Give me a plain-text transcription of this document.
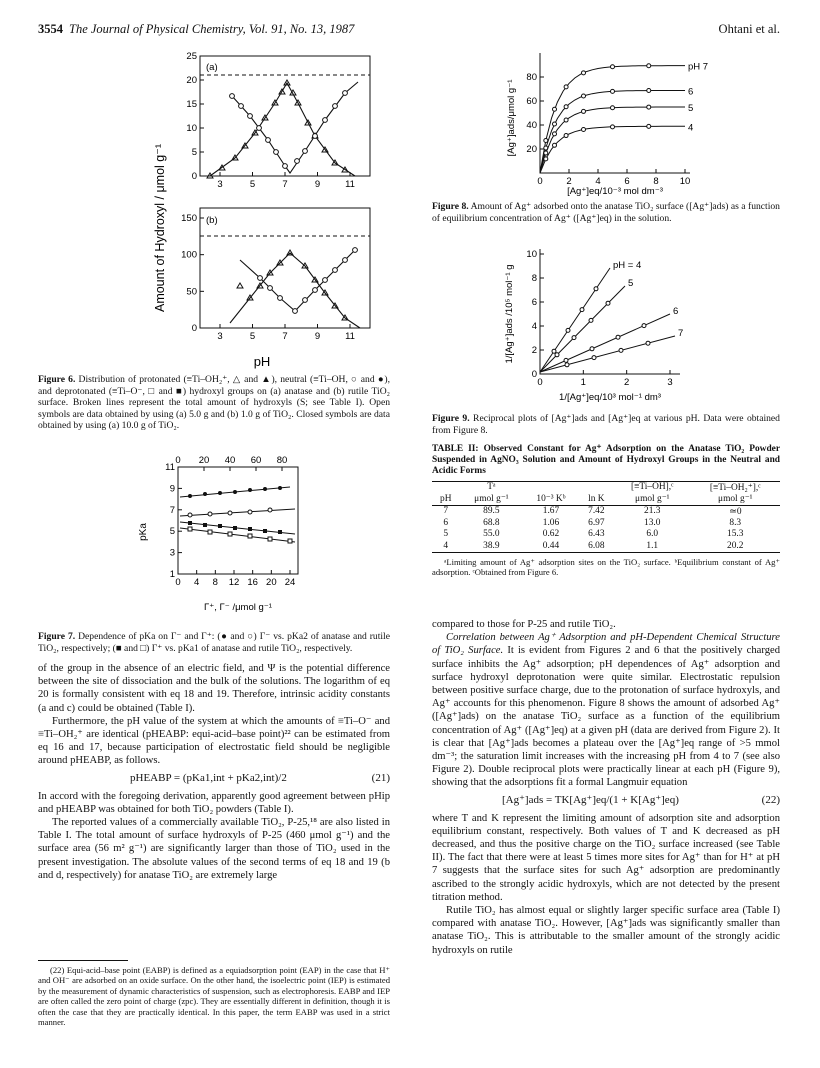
3554 The Journal of Physical Chemistry, Vol. 91, No. 13, 1987	Ohtani et al.
Amount of Hydroxyl / μmol g⁻¹
(a)
0
5
10
15
20
25
3	5	7	9	11
(b)
0
50
100
150
3	5	7	9	11
pH
Figure 6. Distribution of protonated (≡Ti–OH₂⁺, △ and ▲), neutral (≡Ti–OH, ○ and ●), and deprotonated (≡Ti–O⁻, □ and ■) hydroxyl groups on (a) anatase and (b) rutile TiO₂ surface. Broken lines represent the total amount of hydroxyls (S; see Table I). Open symbols are data obtained by using (a) 5.0 g and (b) 1.0 g of TiO₂. Closed symbols are data obtained by using (a) 10.0 g of TiO₂.
pKa
1
3
5
7
9
11
0 4 8 12 16 20 24
0 20 40 60 80
Γ⁺, Γ⁻ /μmol g⁻¹
Figure 7. Dependence of pKa on Γ⁻ and Γ⁺: (● and ○) Γ⁻ vs. pKa2 of anatase and rutile TiO₂, respectively; (■ and □) Γ⁺ vs. pKa1 of anatase and rutile TiO₂, respectively.

of the group in the absence of an electric field, and Ψ is the potential difference between the site of dissociation and the bulk of the solutions. The logarithm of eq 20 is formally consistent with eq 18 and 19. Therefore, intrinsic acidity constants (a and c) could be obtained (Table I).

Furthermore, the pH value of the system at which the amounts of ≡Ti–O⁻ and ≡Ti–OH₂⁺ are identical (pHEABP: equi-acid–base point)²² can be estimated from eq 16 and 17, because participation of electrostatic field should be negligible around pHEABP, as follows.

pHEABP = (pKa1,int + pKa2,int)/2	(21)

In accord with the foregoing derivation, apparently good agreement between pHip and pHEABP was obtained for both TiO₂ powders (Table I).

The reported values of a commercially available TiO₂, P-25,¹⁸ are also listed in Table I. The total amount of surface hydroxyls of P-25 (460 μmol g⁻¹) and the surface area (56 m² g⁻¹) are significantly larger than those of TiO₂ used in the present investigation. The absolute values of the second terms of eq 18 and 19 (b and d, respectively) for anatase TiO₂ are extremely large

(22) Equi-acid–base point (EABP) is defined as a equiadsorption point (EAP) in the case that H⁺ and OH⁻ are adsorbed on an oxide surface. On the other hand, the isoelectric point (IEP) is estimated by the measurement of dynamic characteristics of suspension, such as electrophoresis. EABP and IEP are often called the zero point of charge (zpc). They are essentially different in definition, though it is often the case that they are practically identical. In this paper, the term EABP was used in a strict manner.
[Ag⁺]ads/μmol g⁻¹
0 2 4 6 8 10
20
40
60
80
pH 7
6
5
4
[Ag⁺]eq/10⁻³ mol dm⁻³
Figure 8. Amount of Ag⁺ adsorbed onto the anatase TiO₂ surface ([Ag⁺]ads) as a function of equilibrium concentration of Ag⁺ ([Ag⁺]eq) in the solution.
1/[Ag⁺]ads /10⁵ mol⁻¹ g
0	1	2	3
0
2
4
6
8
10
pH = 4
5
6
7
1/[Ag⁺]eq/10³ mol⁻¹ dm³
Figure 9. Reciprocal plots of [Ag⁺]ads and [Ag⁺]eq at various pH. Data were obtained from Figure 8.
TABLE II: Observed Constant for Ag⁺ Adsorption on the Anatase TiO₂ Powder Suspended in AgNO₃ Solution and Amount of Hydroxyl Groups in the Neutral and Acidic Forms
	Tᵃ			[≡Ti–OH],ᶜ	[≡Ti–OH₂⁺],ᶜ
pH	μmol g⁻¹	10⁻³ Kᵇ	ln K	μmol g⁻¹	μmol g⁻¹
7	89.5	1.67	7.42	21.3	≃0
6	68.8	1.06	6.97	13.0	8.3
5	55.0	0.62	6.43	6.0	15.3
4	38.9	0.44	6.08	1.1	20.2
ᵃLimiting amount of Ag⁺ adsorption sites on the TiO₂ surface. ᵇEquilibrium constant of Ag⁺ adsorption. ᶜObtained from Figure 6.

compared to those for P-25 and rutile TiO₂.

Correlation between Ag⁺ Adsorption and pH-Dependent Chemical Structure of TiO₂ Surface. It is evident from Figures 2 and 6 that the positively charged surface inhibits the Ag⁺ adsorption; pH dependences of Ag⁺ adsorption and surface hydroxyl deprotonation were quite similar. Electrostatic repulsion between positive surface charge, due to the protonation of surface hydroxyls, and Ag⁺ accounts for this phenomenon. Figure 8 shows the amount of adsorbed Ag⁺ ([Ag⁺]ads) on the anatase TiO₂ surface as a function of the equilibrium concentration of Ag⁺ ([Ag⁺]eq) at a given pH (data are derived from Figure 2). It is clear that [Ag⁺]ads becomes a plateau over the [Ag⁺]eq range of >5 mmol dm⁻³; the saturation limit increases with the increasing pH from 4 to 7 (see also Figure 2). Double reciprocal plots were practically linear at each pH (Figure 9), showing that the adsorptions fit a formal Langmuir equation

[Ag⁺]ads = TK[Ag⁺]eq/(1 + K[Ag⁺]eq)	(22)

where T and K represent the limiting amount of adsorption site and adsorption equilibrium constant, respectively. Both values of T and K decreased as pH decreased, and thus the positive charge on the TiO₂ surface increased (see Table II). The fact that there were at least 5 times more sites for Ag⁺ than for H⁺ at pH 7 suggests that the surface sites for such Ag⁺ adsorption are predominantly ascribed to the strongly acidic hydroxyls, which are not detected by the present titration method.

Rutile TiO₂ has almost equal or slightly larger specific surface area (Table I) compared with anatase TiO₂. However, [Ag⁺]ads was significantly smaller than anatase TiO₂. This is attributable to the smaller amount of the strongly acidic hydroxyls on rutile
